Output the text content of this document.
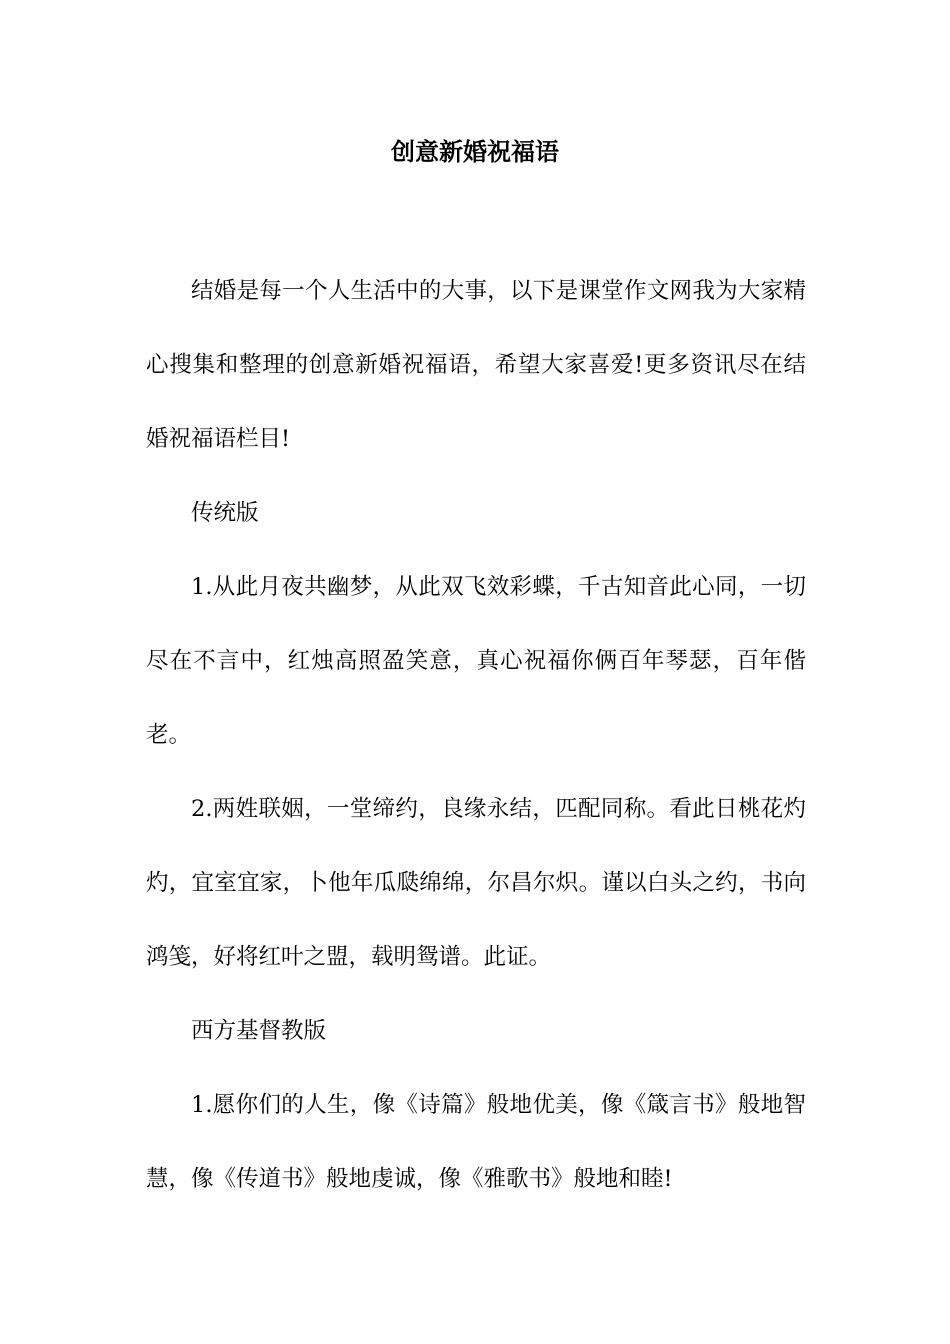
创意新婚祝福语

结婚是每一个人生活中的大事，以下是课堂作文网我为大家精心搜集和整理的创意新婚祝福语，希望大家喜爱!更多资讯尽在结婚祝福语栏目!

传统版

1.从此月夜共幽梦，从此双飞效彩蝶，千古知音此心同，一切尽在不言中，红烛高照盈笑意，真心祝福你俩百年琴瑟，百年偕老。

2.两姓联姻，一堂缔约，良缘永结，匹配同称。看此日桃花灼灼，宜室宜家，卜他年瓜瓞绵绵，尔昌尔炽。谨以白头之约，书向鸿笺，好将红叶之盟，载明鸳谱。此证。

西方基督教版

1.愿你们的人生，像《诗篇》般地优美，像《箴言书》般地智慧，像《传道书》般地虔诚，像《雅歌书》般地和睦!
